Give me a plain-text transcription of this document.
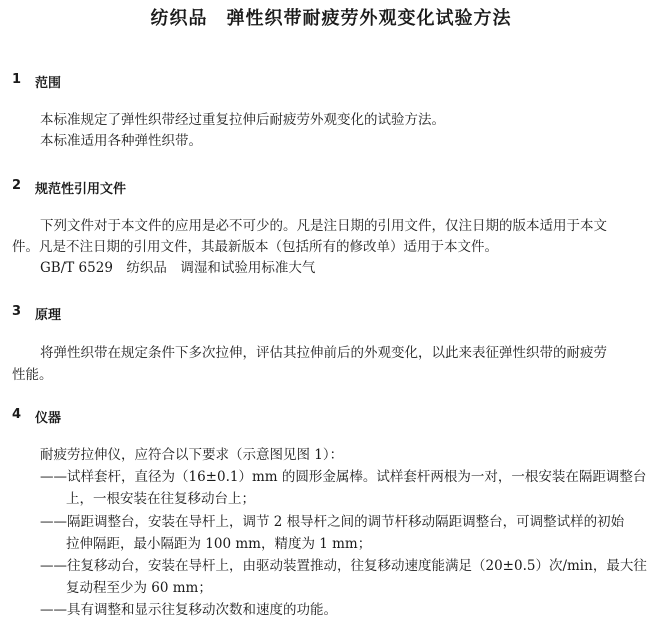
纺织品　弹性织带耐疲劳外观变化试验方法
1 范围
本标准规定了弹性织带经过重复拉伸后耐疲劳外观变化的试验方法。
本标准适用各种弹性织带。
2 规范性引用文件
下列文件对于本文件的应用是必不可少的。凡是注日期的引用文件，仅注日期的版本适用于本文
件。凡是不注日期的引用文件，其最新版本（包括所有的修改单）适用于本文件。
GB/T 6529　纺织品　调湿和试验用标准大气
3 原理
将弹性织带在规定条件下多次拉伸，评估其拉伸前后的外观变化，以此来表征弹性织带的耐疲劳
性能。
4 仪器
耐疲劳拉伸仪，应符合以下要求（示意图见图 1）：
——试样套杆，直径为（16±0.1）mm 的圆形金属棒。试样套杆两根为一对，一根安装在隔距调整台
上，一根安装在往复移动台上；
——隔距调整台，安装在导杆上，调节 2 根导杆之间的调节杆移动隔距调整台，可调整试样的初始
拉伸隔距，最小隔距为 100 mm，精度为 1 mm；
——往复移动台，安装在导杆上，由驱动装置推动，往复移动速度能满足（20±0.5）次/min，最大往
复动程至少为 60 mm；
——具有调整和显示往复移动次数和速度的功能。
